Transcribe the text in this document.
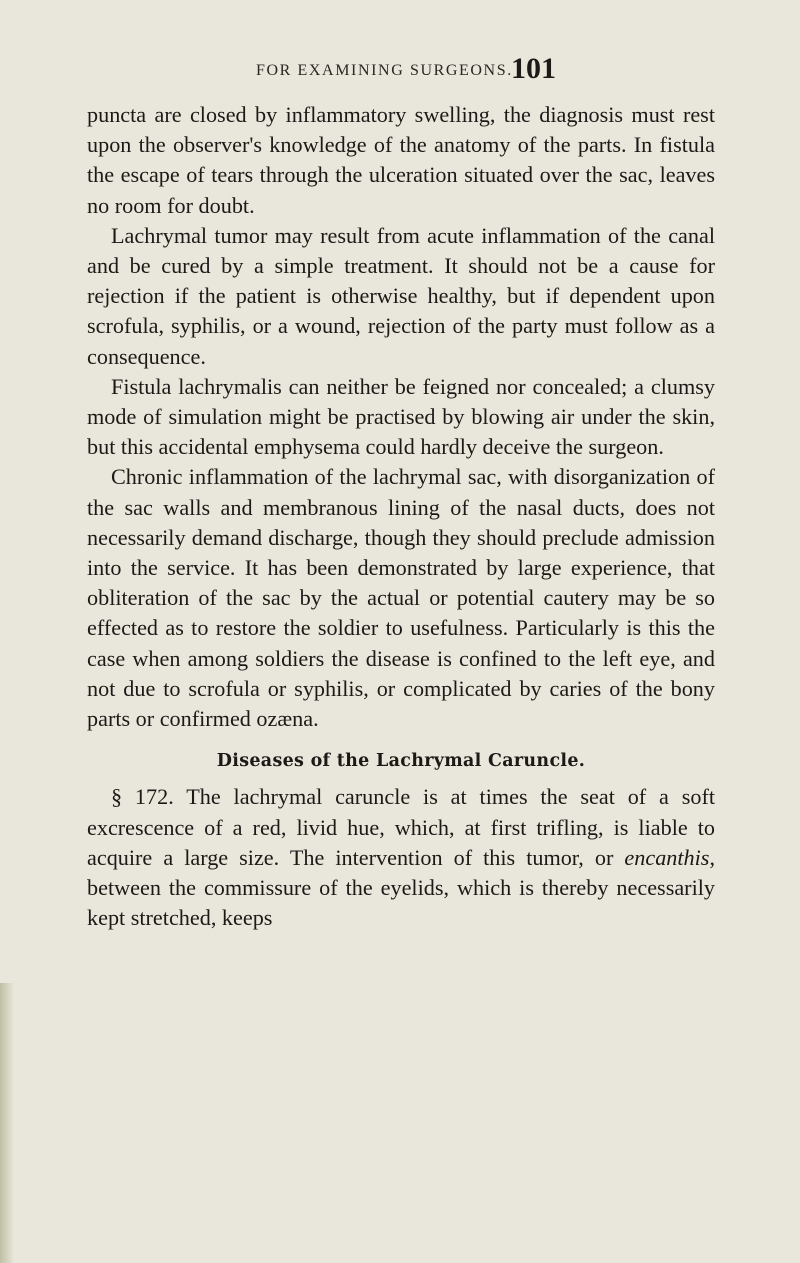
FOR EXAMINING SURGEONS.
101

puncta are closed by inflammatory swelling, the diagnosis must rest upon the observer's knowledge of the anatomy of the parts. In fistula the escape of tears through the ulceration situated over the sac, leaves no room for doubt.

Lachrymal tumor may result from acute inflammation of the canal and be cured by a simple treatment. It should not be a cause for rejection if the patient is otherwise healthy, but if dependent upon scrofula, syphilis, or a wound, rejection of the party must follow as a consequence.

Fistula lachrymalis can neither be feigned nor concealed; a clumsy mode of simulation might be practised by blowing air under the skin, but this accidental emphysema could hardly deceive the surgeon.

Chronic inflammation of the lachrymal sac, with disorganization of the sac walls and membranous lining of the nasal ducts, does not necessarily demand discharge, though they should preclude admission into the service. It has been demonstrated by large experience, that obliteration of the sac by the actual or potential cautery may be so effected as to restore the soldier to usefulness. Particularly is this the case when among soldiers the disease is confined to the left eye, and not due to scrofula or syphilis, or complicated by caries of the bony parts or confirmed ozæna.

Diseases of the Lachrymal Caruncle.

§ 172. The lachrymal caruncle is at times the seat of a soft excrescence of a red, livid hue, which, at first trifling, is liable to acquire a large size. The intervention of this tumor, or encanthis, between the commissure of the eyelids, which is thereby necessarily kept stretched, keeps
